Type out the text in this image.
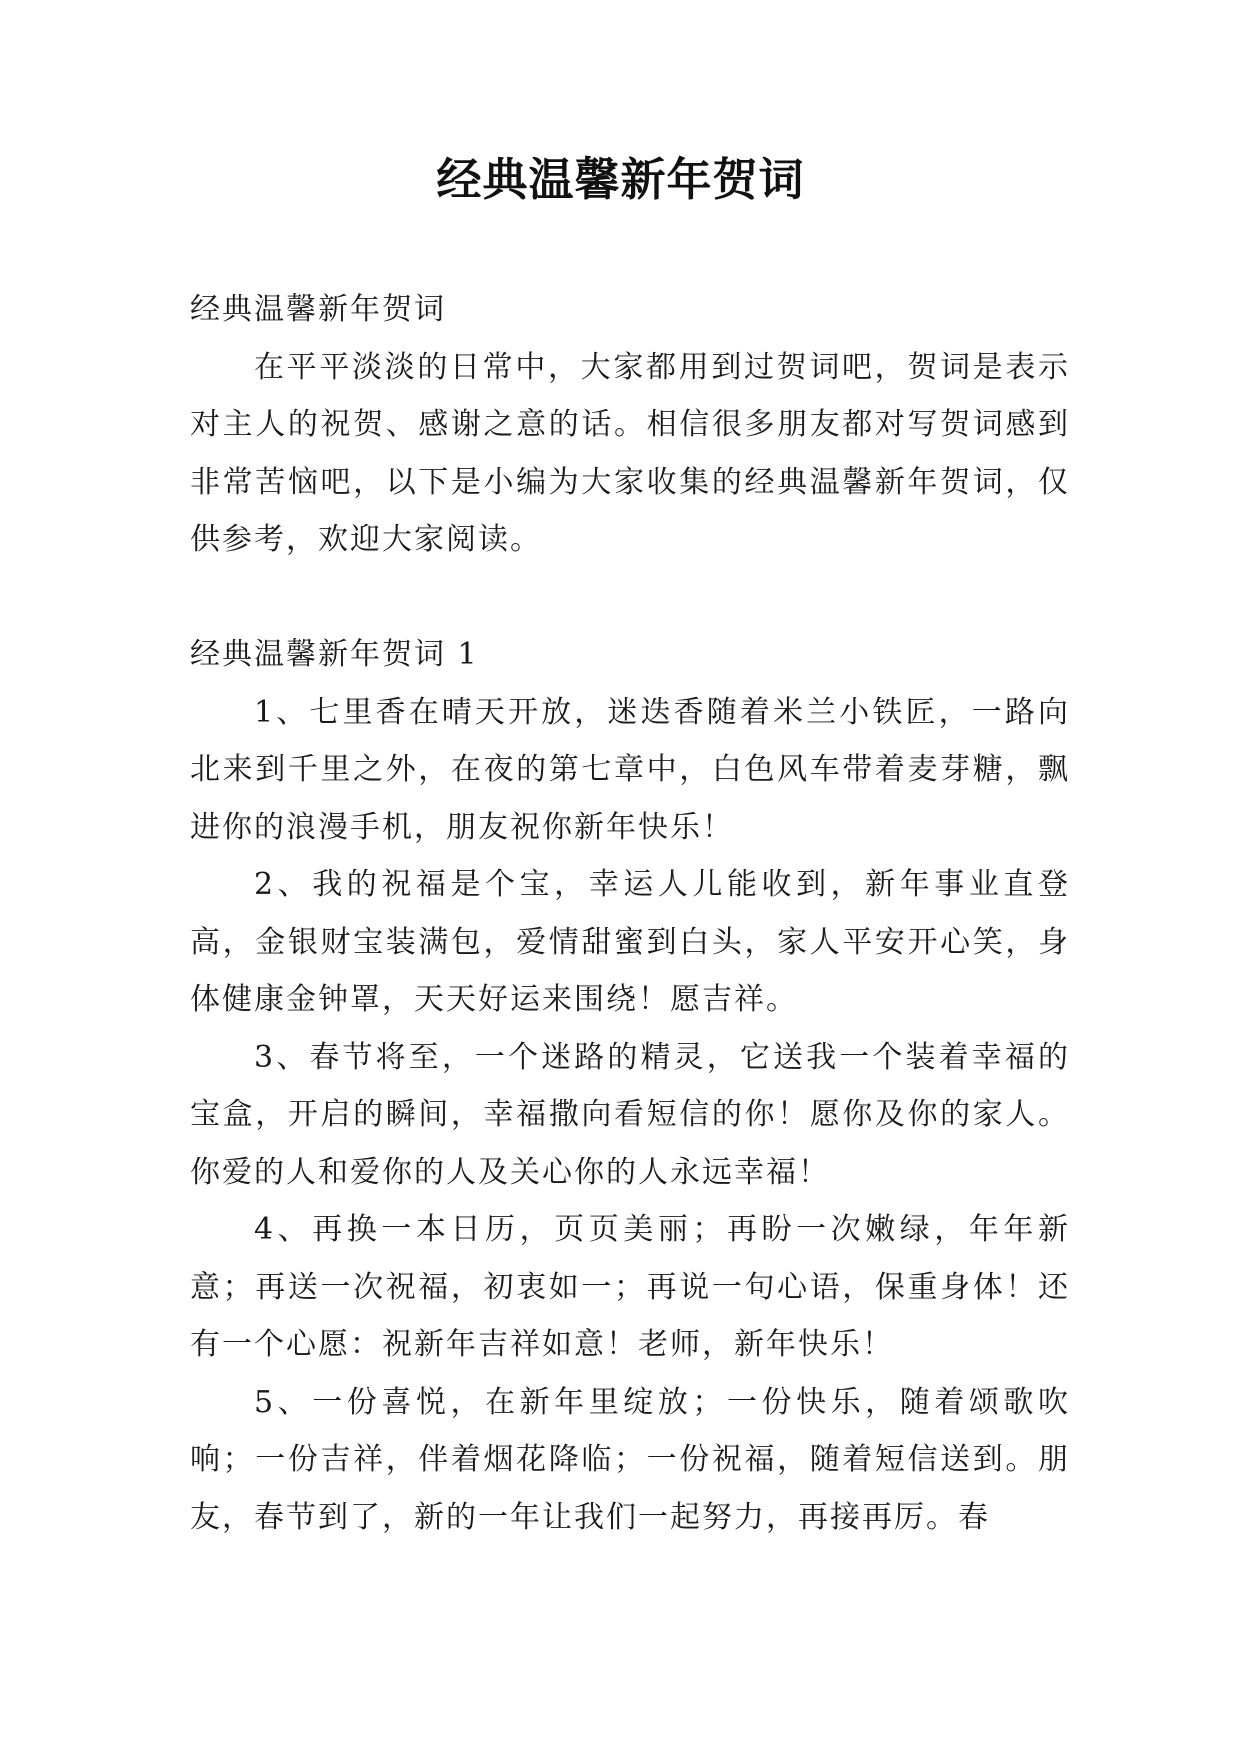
经典温馨新年贺词

经典温馨新年贺词

在平平淡淡的日常中，大家都用到过贺词吧，贺词是表示对主人的祝贺、感谢之意的话。相信很多朋友都对写贺词感到非常苦恼吧，以下是小编为大家收集的经典温馨新年贺词，仅供参考，欢迎大家阅读。

经典温馨新年贺词 1

1、七里香在晴天开放，迷迭香随着米兰小铁匠，一路向北来到千里之外，在夜的第七章中，白色风车带着麦芽糖，飘进你的浪漫手机，朋友祝你新年快乐！

2、我的祝福是个宝，幸运人儿能收到，新年事业直登高，金银财宝装满包，爱情甜蜜到白头，家人平安开心笑，身体健康金钟罩，天天好运来围绕！愿吉祥。

3、春节将至，一个迷路的精灵，它送我一个装着幸福的宝盒，开启的瞬间，幸福撒向看短信的你！愿你及你的家人。你爱的人和爱你的人及关心你的人永远幸福！

4、再换一本日历，页页美丽；再盼一次嫩绿，年年新意；再送一次祝福，初衷如一；再说一句心语，保重身体！还有一个心愿：祝新年吉祥如意！老师，新年快乐！

5、一份喜悦，在新年里绽放；一份快乐，随着颂歌吹响；一份吉祥，伴着烟花降临；一份祝福，随着短信送到。朋友，春节到了，新的一年让我们一起努力，再接再厉。春
